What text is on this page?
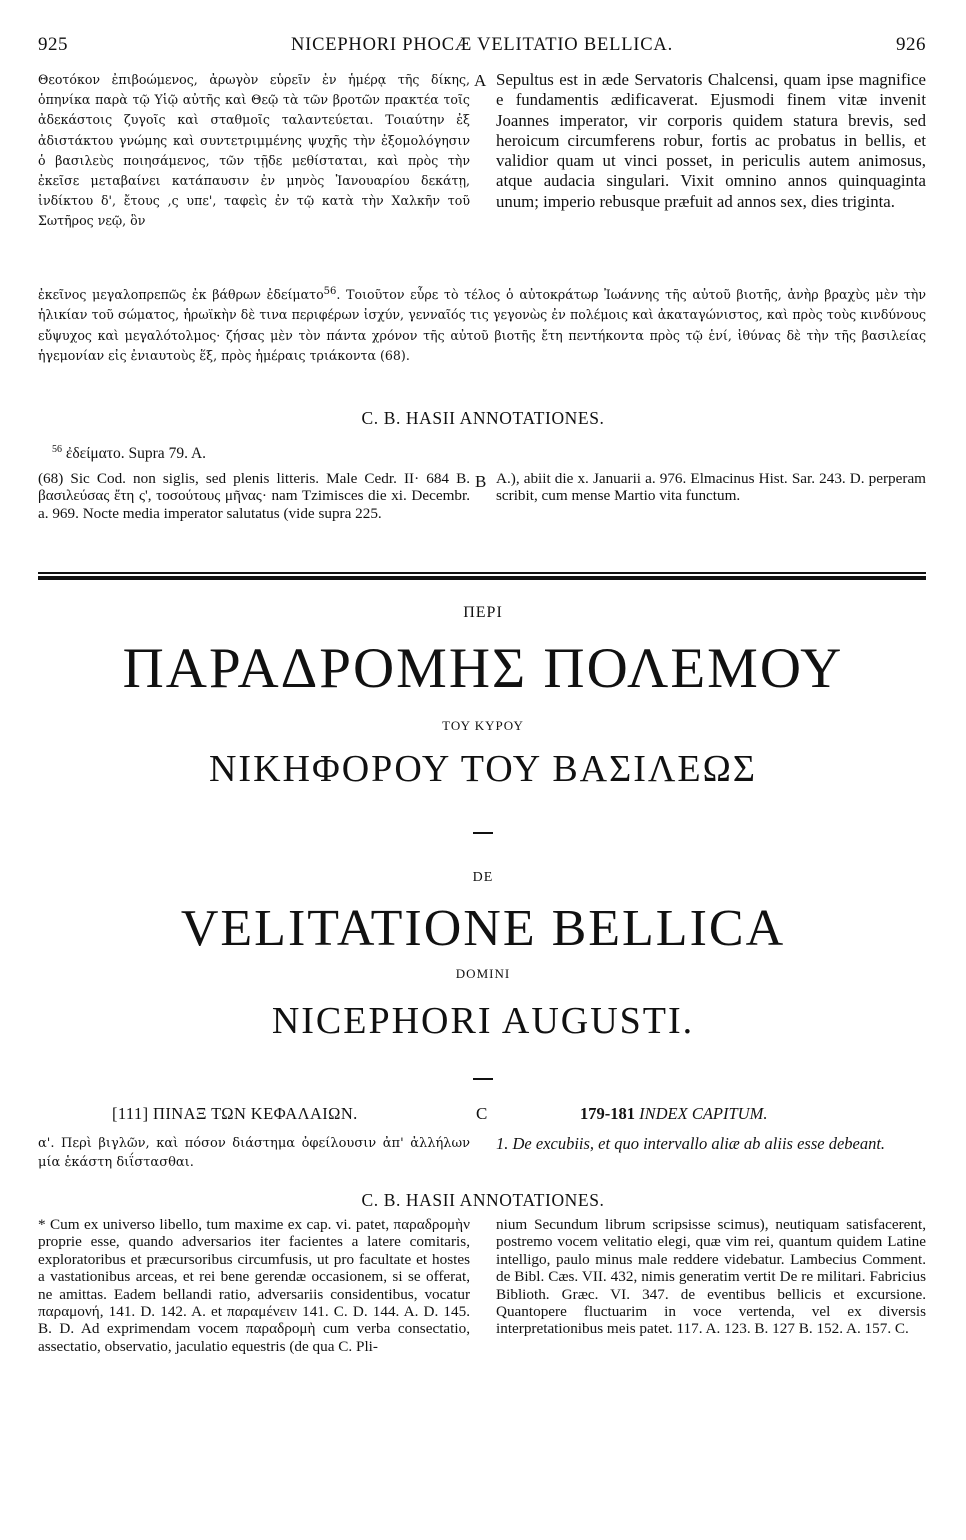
925	NICEPHORI PHOCÆ VELITATIO BELLICA.	926
Θεοτόκον ἐπιβοώμενος, ἀρωγὸν εὑρεῖν ἐν ἡμέρᾳ τῆς δίκης, ὁπηνίκα παρὰ τῷ Υἱῷ αὐτῆς καὶ Θεῷ τὰ τῶν βροτῶν πρακτέα τοῖς ἀδεκάστοις ζυγοῖς καὶ σταθμοῖς ταλαντεύεται. Τοιαύτην ἐξ ἀδιστάκτου γνώμης καὶ συντετριμμένης ψυχῆς τὴν ἐξομολόγησιν ὁ βασιλεὺς ποιησάμενος, τῶν τῇδε μεθίσταται, καὶ πρὸς τὴν ἐκεῖσε μεταβαίνει κατάπαυσιν ἐν μηνὸς Ἰανουαρίου δεκάτῃ, ἰνδίκτου δ', ἔτους ,ς υπε', ταφεὶς ἐν τῷ κατὰ τὴν Χαλκῆν τοῦ Σωτῆρος νεῷ, ὃν
A Sepultus est in æde Servatoris Chalcensi, quam ipse magnifice e fundamentis ædificaverat. Ejusmodi finem vitæ invenit Joannes imperator, vir corporis quidem statura brevis, sed heroicum circumferens robur, fortis ac probatus in bellis, et validior quam ut vinci posset, in periculis autem animosus, atque audacia singulari. Vixit omnino annos quinquaginta unum; imperio rebusque præfuit ad annos sex, dies triginta.
ἐκεῖνος μεγαλοπρεπῶς ἐκ βάθρων ἐδείματο$^{56}$. Τοιοῦτον εὗρε τὸ τέλος ὁ αὐτοκράτωρ Ἰωάννης τῆς αὐτοῦ βιοτῆς, ἀνὴρ βραχὺς μὲν τὴν ἡλικίαν τοῦ σώματος, ἡρωϊκὴν δὲ τινα περιφέρων ἰσχύν, γενναῖός τις γεγονὼς ἐν πολέμοις καὶ ἀκαταγώνιστος, καὶ πρὸς τοὺς κινδύνους εὔψυχος καὶ μεγαλότολμος· ζήσας μὲν τὸν πάντα χρόνον τῆς αὐτοῦ βιοτῆς ἔτη πεντήκοντα πρὸς τῷ ἑνί, ἰθύνας δὲ τὴν τῆς βασιλείας ἡγεμονίαν εἰς ἐνιαυτοὺς ἕξ, πρὸς ἡμέραις τριάκοντα (68).
C. B. HASII ANNOTATIONES.
$^{56}$ ἐδείματο. Supra 79. A.
(68) Sic Cod. non siglis, sed plenis litteris. Male Cedr. II· 684 B. βασιλεύσας ἔτη ς', τοσούτους μῆνας· nam Tzimisces die xi. Decembr. a. 969. Nocte media imperator salutatus (vide supra 225.
B A.), abiit die x. Januarii a. 976. Elmacinus Hist. Sar. 243. D. perperam scribit, cum mense Martio vita functum.
ΠΕΡΙ
ΠΑΡΑΔΡΟΜΗΣ ΠΟΛΕΜΟΥ
ΤΟΥ ΚΥΡΟΥ
ΝΙΚΗΦΟΡΟΥ ΤΟΥ ΒΑΣΙΛΕΩΣ
DE
VELITATIONE BELLICA
DOMINI
NICEPHORI AUGUSTI.
[111] ΠΙΝΑΞ ΤΩΝ ΚΕΦΑΛΑΙΩΝ.	C	179-181 INDEX CAPITUM.
α'. Περὶ βιγλῶν, καὶ πόσον διάστημα ὀφείλουσιν ἀπ' ἀλλήλων μία ἑκάστη διΐστασθαι.
1. De excubiis, et quo intervallo aliæ ab aliis esse debeant.
C. B. HASII ANNOTATIONES.
* Cum ex universo libello, tum maxime ex cap. vi. patet, παραδρομὴν proprie esse, quando adversarios iter facientes a latere comitaris, exploratoribus et præcursoribus circumfusis, ut pro facultate et hostes a vastationibus arceas, et rei bene gerendæ occasionem, si se offerat, ne amittas. Eadem bellandi ratio, adversariis considentibus, vocatur παραμονή, 141. D. 142. A. et παραμένειν 141. C. D. 144. A. D. 145. B. D. Ad exprimendam vocem παραδρομὴ cum verba consectatio, assectatio, observatio, jaculatio equestris (de qua C. Pli-
nium Secundum librum scripsisse scimus), neutiquam satisfacerent, postremo vocem velitatio elegi, quæ vim rei, quantum quidem Latine intelligo, paulo minus male reddere videbatur. Lambecius Comment. de Bibl. Cæs. VII. 432, nimis generatim vertit De re militari. Fabricius Biblioth. Græc. VI. 347. de eventibus bellicis et excursione. Quantopere fluctuarim in voce vertenda, vel ex diversis interpretationibus meis patet. 117. A. 123. B. 127 B. 152. A. 157. C.
